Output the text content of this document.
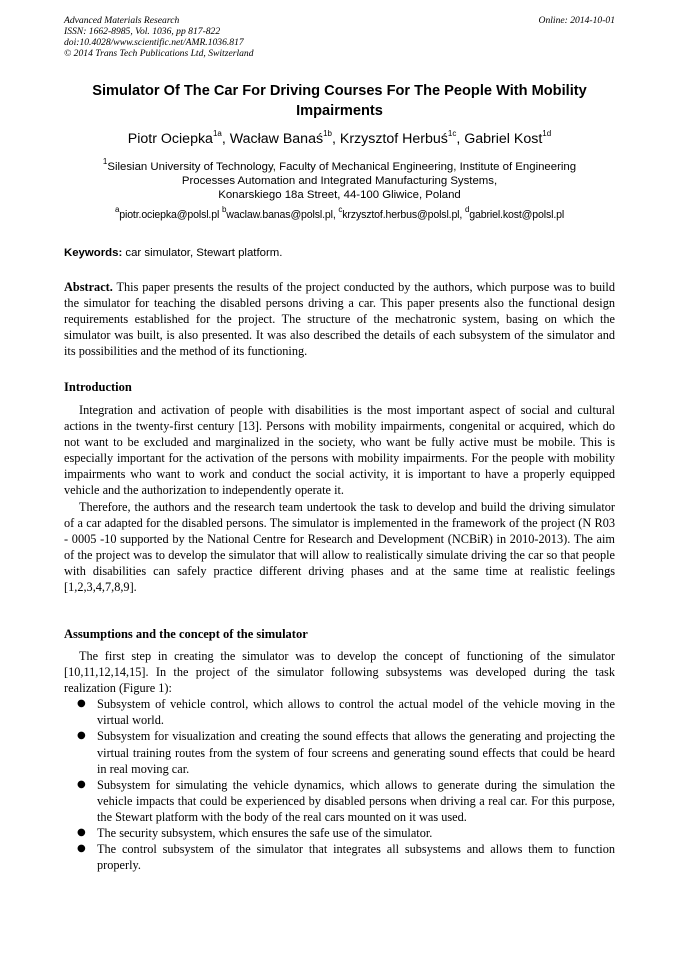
Advanced Materials Research
ISSN: 1662-8985, Vol. 1036, pp 817-822
doi:10.4028/www.scientific.net/AMR.1036.817
© 2014 Trans Tech Publications Ltd, Switzerland
Online: 2014-10-01
Simulator Of The Car For Driving Courses For The People With Mobility Impairments
Piotr Ociepka$^{1a}$, Wacław Banaś$^{1b}$, Krzysztof Herbuś$^{1c}$, Gabriel Kost$^{1d}$
$^1$Silesian University of Technology, Faculty of Mechanical Engineering, Institute of Engineering
Processes Automation and Integrated Manufacturing Systems,
Konarskiego 18a Street, 44-100 Gliwice, Poland
$^a$piotr.ociepka@polsl.pl $^b$waclaw.banas@polsl.pl, $^c$krzysztof.herbus@polsl.pl, $^d$gabriel.kost@polsl.pl
Keywords: car simulator, Stewart platform.
Abstract. This paper presents the results of the project conducted by the authors, which purpose was to build the simulator for teaching the disabled persons driving a car. This paper presents also the functional design requirements established for the project. The structure of the mechatronic system, basing on which the simulator was built, is also presented. It was also described the details of each subsystem of the simulator and its possibilities and the method of its functioning.
Introduction

Integration and activation of people with disabilities is the most important aspect of social and cultural actions in the twenty-first century [13]. Persons with mobility impairments, congenital or acquired, which do not want to be excluded and marginalized in the society, who want be fully active must be mobile. This is especially important for the activation of the persons with mobility impairments. For the people with mobility impairments who want to work and conduct the social activity, it is important to have a properly equipped vehicle and the authorization to independently operate it.

Therefore, the authors and the research team undertook the task to develop and build the driving simulator of a car adapted for the disabled persons. The simulator is implemented in the framework of the project (N R03 - 0005 -10 supported by the National Centre for Research and Development (NCBiR) in 2010-2013). The aim of the project was to develop the simulator that will allow to realistically simulate driving the car so that people with disabilities can safely practice different driving phases and at the same time at realistic feelings [1,2,3,4,7,8,9].

Assumptions and the concept of the simulator

The first step in creating the simulator was to develop the concept of functioning of the simulator [10,11,12,14,15]. In the project of the simulator following subsystems was developed during the task realization (Figure 1):

● Subsystem of vehicle control, which allows to control the actual model of the vehicle moving in the virtual world.
● Subsystem for visualization and creating the sound effects that allows the generating and projecting the virtual training routes from the system of four screens and generating sound effects that could be heard in real moving car.
● Subsystem for simulating the vehicle dynamics, which allows to generate during the simulation the vehicle impacts that could be experienced by disabled persons when driving a real car. For this purpose, the Stewart platform with the body of the real cars mounted on it was used.
● The security subsystem, which ensures the safe use of the simulator.
● The control subsystem of the simulator that integrates all subsystems and allows them to function properly.
